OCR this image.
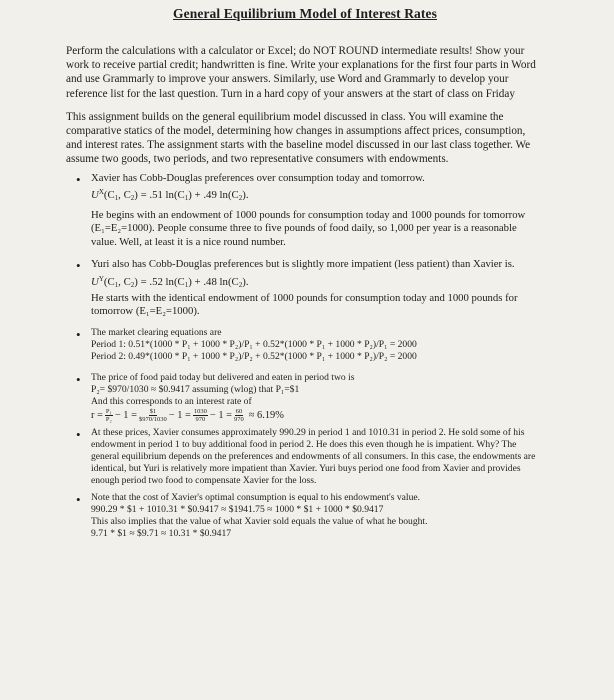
General Equilibrium Model of Interest Rates

Perform the calculations with a calculator or Excel; do NOT ROUND intermediate results! Show your work to receive partial credit; handwritten is fine. Write your explanations for the first four parts in Word and use Grammarly to improve your answers. Similarly, use Word and Grammarly to develop your reference list for the last question. Turn in a hard copy of your answers at the start of class on Friday

This assignment builds on the general equilibrium model discussed in class. You will examine the comparative statics of the model, determining how changes in assumptions affect prices, consumption, and interest rates. The assignment starts with the baseline model discussed in our last class together. We assume two goods, two periods, and two representative consumers with endowments.

• Xavier has Cobb-Douglas preferences over consumption today and tomorrow.
$U^X(C_1$, $C_2) = .51$ $\ln(C_1) + .49$ $\ln(C_2)$.
He begins with an endowment of 1000 pounds for consumption today and 1000 pounds for tomorrow (E₁=E₂=1000). People consume three to five pounds of food daily, so 1,000 per year is a reasonable value. Well, at least it is a nice round number.
• Yuri also has Cobb-Douglas preferences but is slightly more impatient (less patient) than Xavier is.
$U^Y(C_1$, $C_2) = .52$ $\ln(C_1) + .48$ $\ln(C_2)$.
He starts with the identical endowment of 1000 pounds for consumption today and 1000 pounds for tomorrow (E₁=E₂=1000).
• The market clearing equations are
Period 1: 0.51*(1000 * P₁ + 1000 * P₂)/P₁ + 0.52*(1000 * P₁ + 1000 * P₂)/P₁ = 2000
Period 2: 0.49*(1000 * P₁ + 1000 * P₂)/P₂ + 0.52*(1000 * P₁ + 1000 * P₂)/P₂ = 2000
• The price of food paid today but delivered and eaten in period two is
P₂= $970/1030 ≈ $0.9417 assuming (wlog) that P₁=$1
And this corresponds to an interest rate of
$r = \frac{\text{P₁}}{\text{P₂}} - 1 = \frac{\$1}{\$970/1030} - 1 = \frac{1030}{970} - 1 = \frac{60}{970} \approx 6.19\%$
• At these prices, Xavier consumes approximately 990.29 in period 1 and 1010.31 in period 2. He sold some of his endowment in period 1 to buy additional food in period 2. He does this even though he is impatient. Why? The general equilibrium depends on the preferences and endowments of all consumers. In this case, the endowments are identical, but Yuri is relatively more impatient than Xavier. Yuri buys period one food from Xavier and provides enough period two food to compensate Xavier for the loss.
• Note that the cost of Xavier's optimal consumption is equal to his endowment's value.
990.29 * $1 + 1010.31 * $0.9417 ≈ $1941.75 ≈ 1000 * $1 + 1000 * $0.9417
This also implies that the value of what Xavier sold equals the value of what he bought.
9.71 * $1 ≈ $9.71 ≈ 10.31 * $0.9417
